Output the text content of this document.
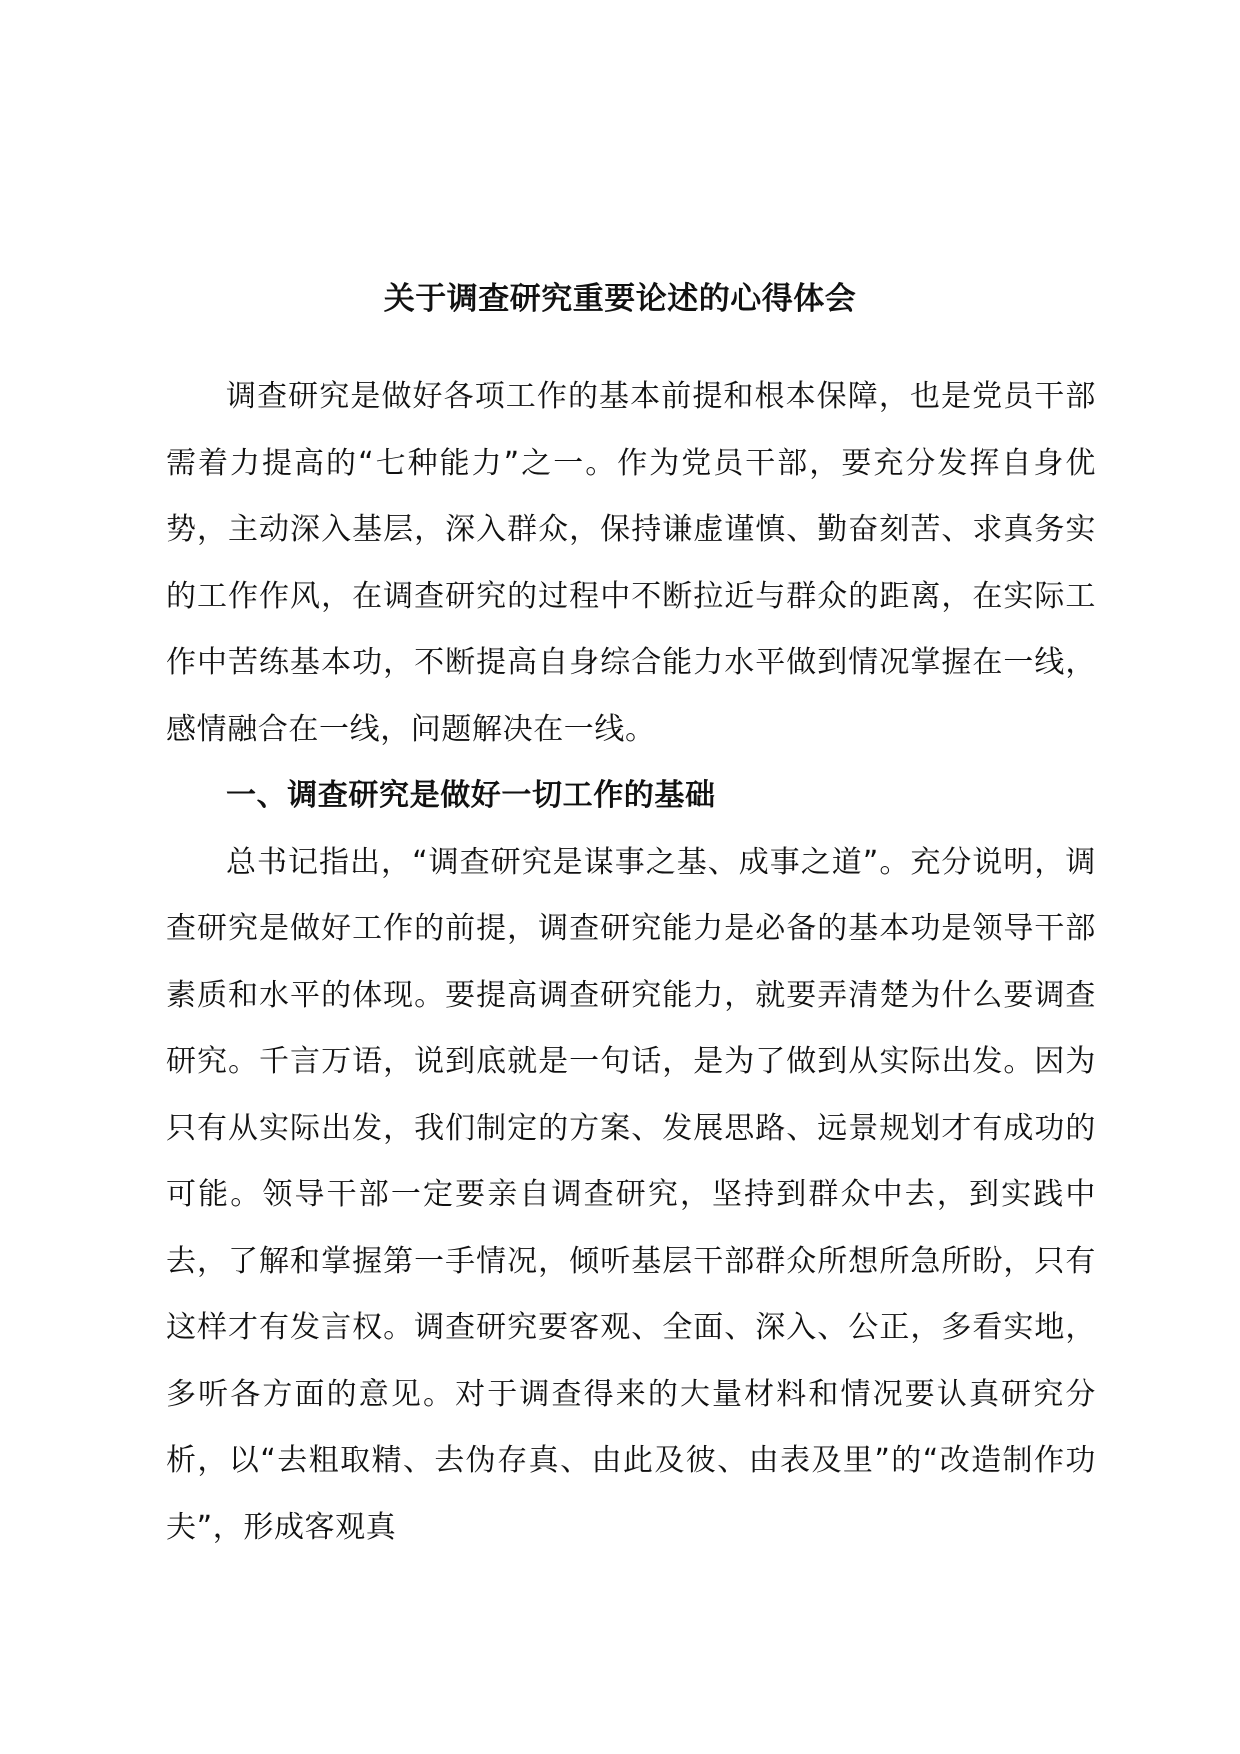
关于调查研究重要论述的心得体会

调查研究是做好各项工作的基本前提和根本保障，也是党员干部需着力提高的“七种能力”之一。作为党员干部，要充分发挥自身优势，主动深入基层，深入群众，保持谦虚谨慎、勤奋刻苦、求真务实的工作作风，在调查研究的过程中不断拉近与群众的距离，在实际工作中苦练基本功，不断提高自身综合能力水平做到情况掌握在一线，感情融合在一线，问题解决在一线。

一、调查研究是做好一切工作的基础

总书记指出，“调查研究是谋事之基、成事之道”。充分说明，调查研究是做好工作的前提，调查研究能力是必备的基本功是领导干部素质和水平的体现。要提高调查研究能力，就要弄清楚为什么要调查研究。千言万语，说到底就是一句话，是为了做到从实际出发。因为只有从实际出发，我们制定的方案、发展思路、远景规划才有成功的可能。领导干部一定要亲自调查研究，坚持到群众中去，到实践中去，了解和掌握第一手情况，倾听基层干部群众所想所急所盼，只有这样才有发言权。调查研究要客观、全面、深入、公正，多看实地，多听各方面的意见。对于调查得来的大量材料和情况要认真研究分析，以“去粗取精、去伪存真、由此及彼、由表及里”的“改造制作功夫”，形成客观真
